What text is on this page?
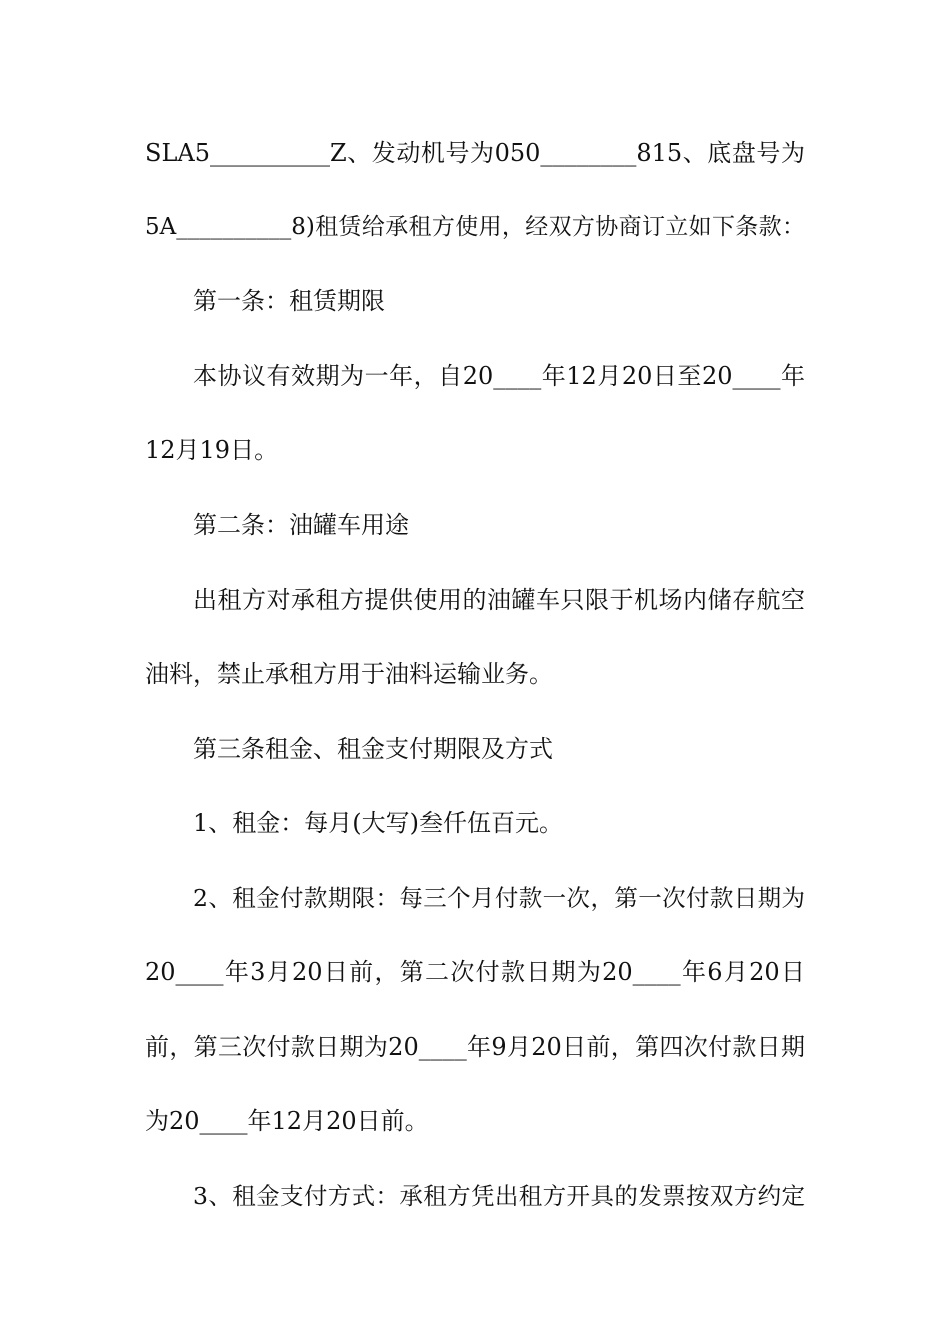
SLA5__________Z、发动机号为050________815、底盘号为
5A__________8)租赁给承租方使用，经双方协商订立如下条款：
第一条：租赁期限
本协议有效期为一年，自20____年12月20日至20____年
12月19日。
第二条：油罐车用途
出租方对承租方提供使用的油罐车只限于机场内储存航空
油料，禁止承租方用于油料运输业务。
第三条租金、租金支付期限及方式
1、租金：每月(大写)叁仟伍百元。
2、租金付款期限：每三个月付款一次，第一次付款日期为
20____年3月20日前，第二次付款日期为20____年6月20日
前，第三次付款日期为20____年9月20日前，第四次付款日期
为20____年12月20日前。
3、租金支付方式：承租方凭出租方开具的发票按双方约定
